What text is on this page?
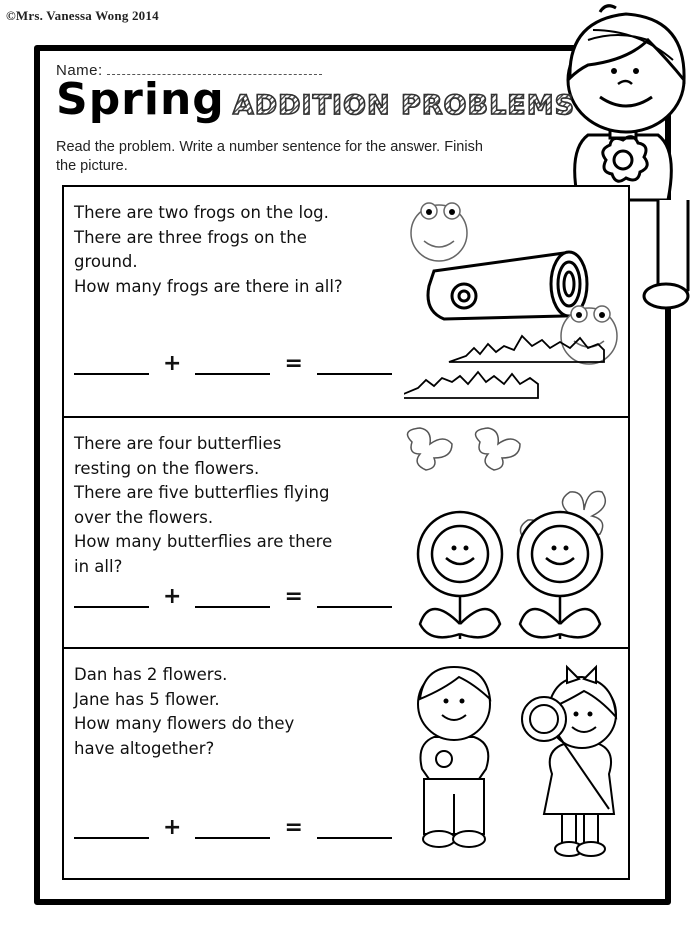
©Mrs. Vanessa Wong 2014
Name:
Spring ADDITION PROBLEMS
Read the problem. Write a number sentence for the answer. Finish the picture.
There are two frogs on the log.
There are three frogs on the
ground.
How many frogs are there in all?
+	=
There are four butterflies
resting on the flowers.
There are five butterflies flying
over the flowers.
How many butterflies are there
in all?
+	=
Dan has 2 flowers.
Jane has 5 flower.
How many flowers do they
have altogether?
+	=
